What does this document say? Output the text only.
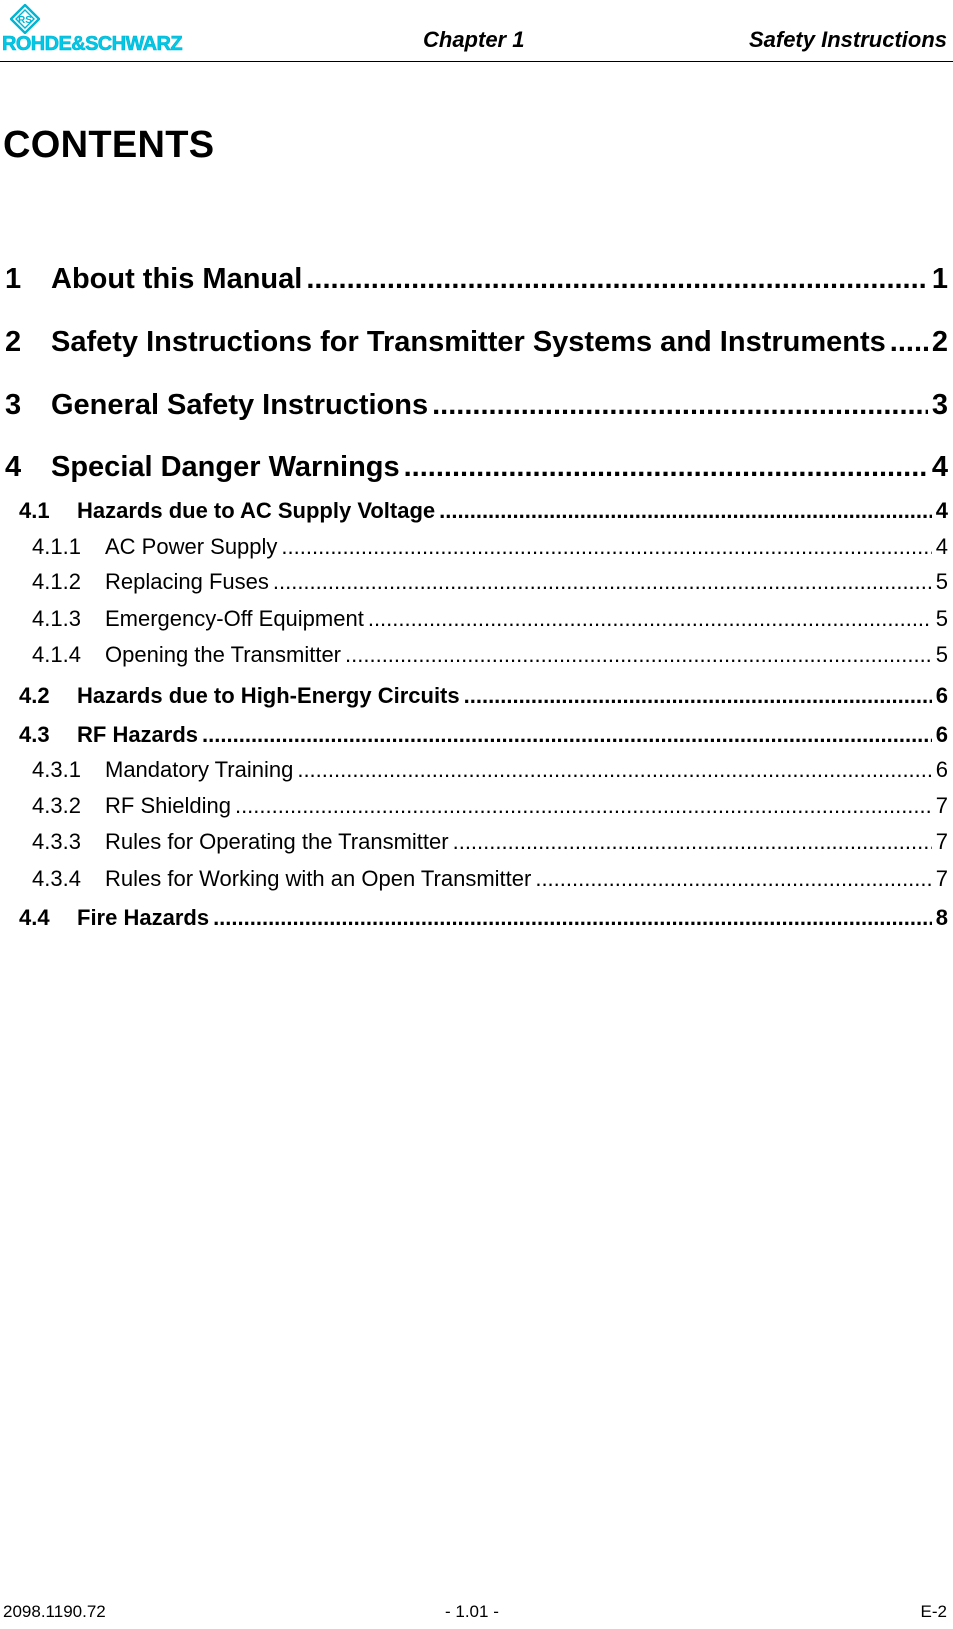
RS
ROHDE&SCHWARZ	Chapter 1	Safety Instructions
CONTENTS
1	About this Manual .....	1
2	Safety Instructions for Transmitter Systems and Instruments ..... 2
3	General Safety Instructions .....	3
4	Special Danger Warnings .....	4
4.1	Hazards due to AC Supply Voltage .....	4
4.1.1	AC Power Supply .....	4
4.1.2	Replacing Fuses .....	5
4.1.3	Emergency-Off Equipment .....	5
4.1.4	Opening the Transmitter .....	5
4.2	Hazards due to High-Energy Circuits .....	6
4.3	RF Hazards .....	6
4.3.1	Mandatory Training .....	6
4.3.2	RF Shielding .....	7
4.3.3	Rules for Operating the Transmitter .....	7
4.3.4	Rules for Working with an Open Transmitter .....	7
4.4	Fire Hazards .....	8
2098.1190.72	- 1.01 -	E-2
